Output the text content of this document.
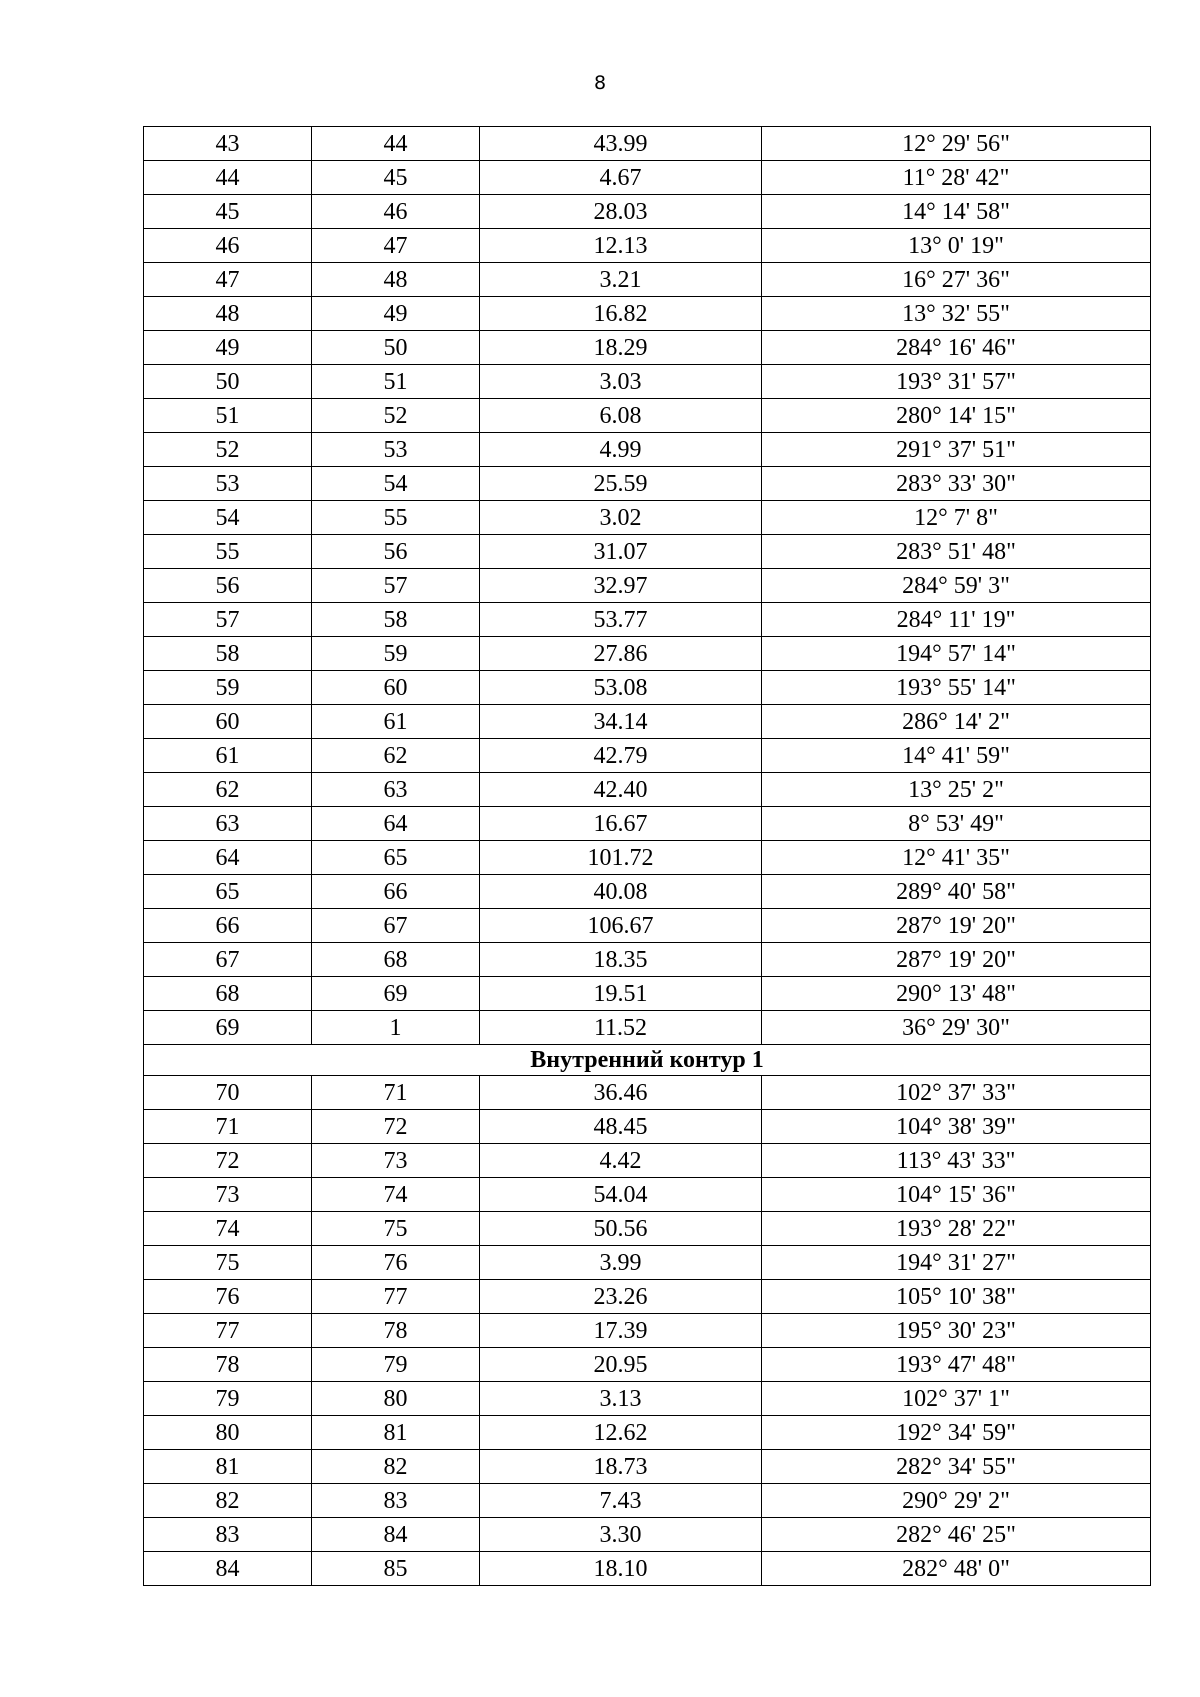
8
43	44	43.99	12° 29' 56"
44	45	4.67	11° 28' 42"
45	46	28.03	14° 14' 58"
46	47	12.13	13° 0' 19"
47	48	3.21	16° 27' 36"
48	49	16.82	13° 32' 55"
49	50	18.29	284° 16' 46"
50	51	3.03	193° 31' 57"
51	52	6.08	280° 14' 15"
52	53	4.99	291° 37' 51"
53	54	25.59	283° 33' 30"
54	55	3.02	12° 7' 8"
55	56	31.07	283° 51' 48"
56	57	32.97	284° 59' 3"
57	58	53.77	284° 11' 19"
58	59	27.86	194° 57' 14"
59	60	53.08	193° 55' 14"
60	61	34.14	286° 14' 2"
61	62	42.79	14° 41' 59"
62	63	42.40	13° 25' 2"
63	64	16.67	8° 53' 49"
64	65	101.72	12° 41' 35"
65	66	40.08	289° 40' 58"
66	67	106.67	287° 19' 20"
67	68	18.35	287° 19' 20"
68	69	19.51	290° 13' 48"
69	1	11.52	36° 29' 30"
Внутренний контур 1			
70	71	36.46	102° 37' 33"
71	72	48.45	104° 38' 39"
72	73	4.42	113° 43' 33"
73	74	54.04	104° 15' 36"
74	75	50.56	193° 28' 22"
75	76	3.99	194° 31' 27"
76	77	23.26	105° 10' 38"
77	78	17.39	195° 30' 23"
78	79	20.95	193° 47' 48"
79	80	3.13	102° 37' 1"
80	81	12.62	192° 34' 59"
81	82	18.73	282° 34' 55"
82	83	7.43	290° 29' 2"
83	84	3.30	282° 46' 25"
84	85	18.10	282° 48' 0"
